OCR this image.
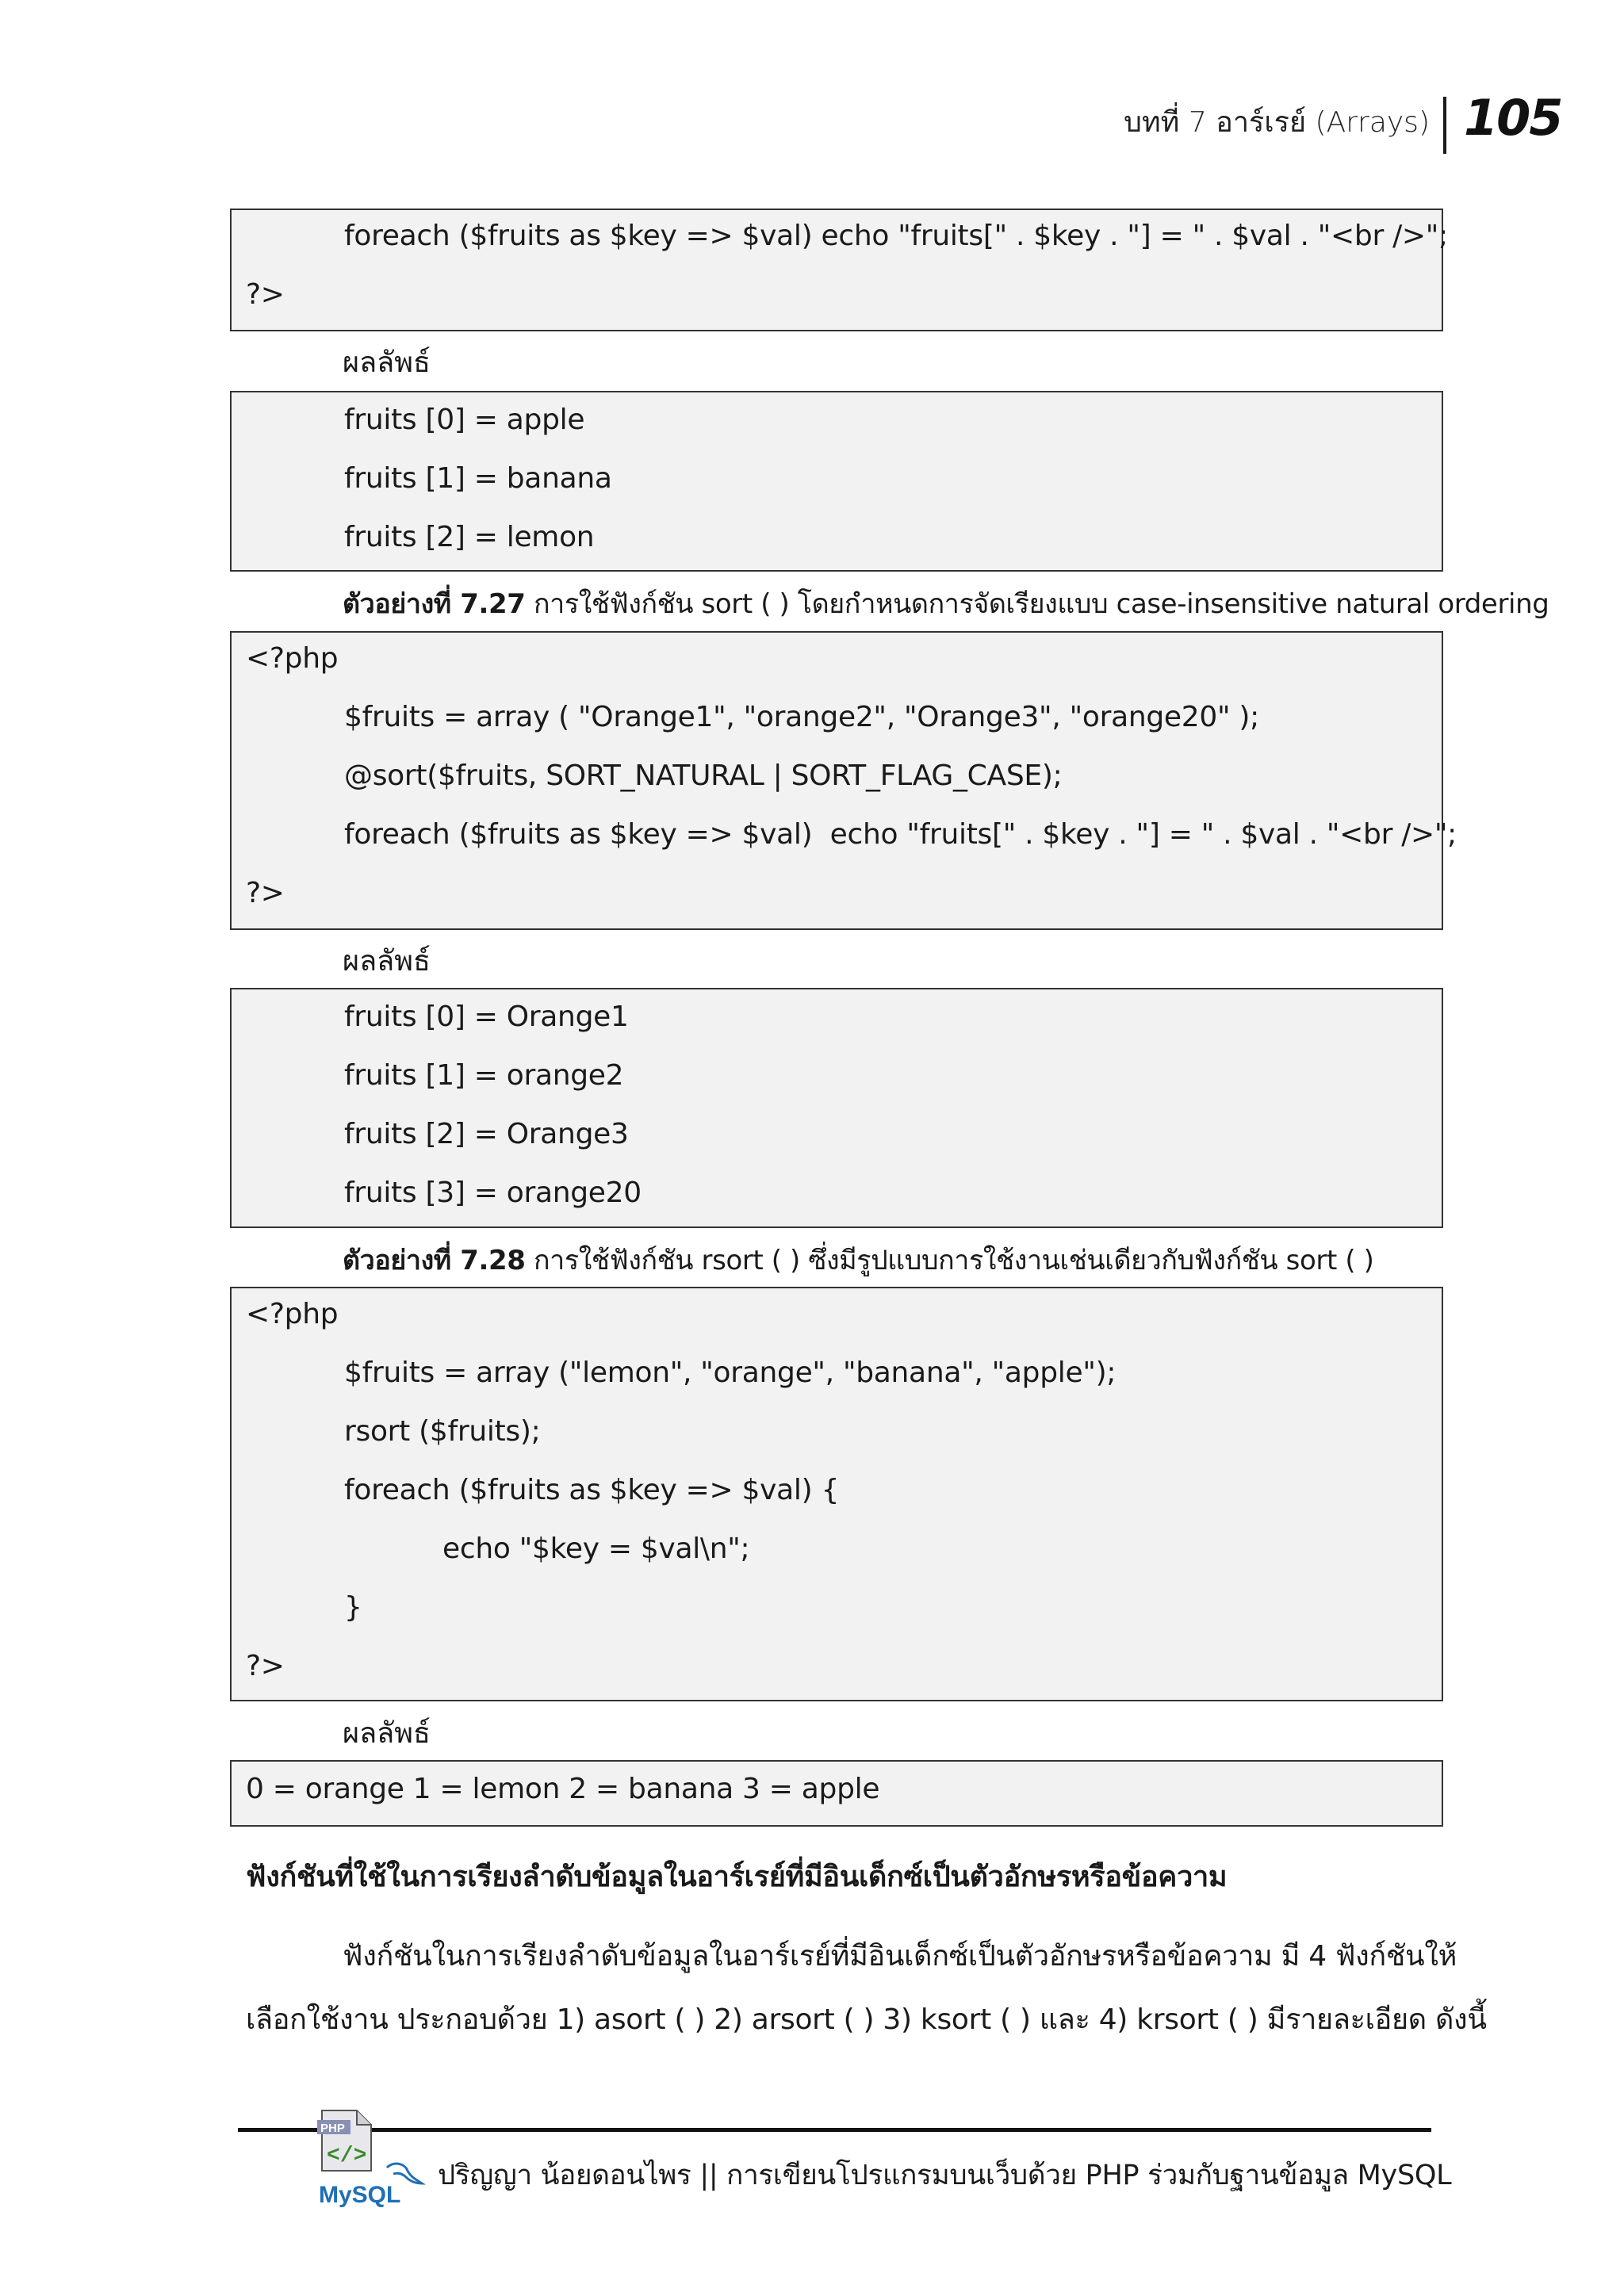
บทที่ 7 อาร์เรย์ (Arrays) 105
foreach ($fruits as $key => $val) echo "fruits[" . $key . "] = " . $val . "<br />";
?>
ผลลัพธ์
fruits [0] = apple
fruits [1] = banana
fruits [2] = lemon
ตัวอย่างที่ 7.27 การใช้ฟังก์ชัน sort ( ) โดยกำหนดการจัดเรียงแบบ case-insensitive natural ordering
<?php
$fruits = array ( "Orange1", "orange2", "Orange3", "orange20" );
@sort($fruits, SORT_NATURAL | SORT_FLAG_CASE);
foreach ($fruits as $key => $val)  echo "fruits[" . $key . "] = " . $val . "<br />";
?>
ผลลัพธ์
fruits [0] = Orange1
fruits [1] = orange2
fruits [2] = Orange3
fruits [3] = orange20
ตัวอย่างที่ 7.28 การใช้ฟังก์ชัน rsort ( ) ซึ่งมีรูปแบบการใช้งานเช่นเดียวกับฟังก์ชัน sort ( )
<?php
$fruits = array ("lemon", "orange", "banana", "apple");
rsort ($fruits);
foreach ($fruits as $key => $val) {
echo "$key = $val\n";
}
?>
ผลลัพธ์
0 = orange 1 = lemon 2 = banana 3 = apple
ฟังก์ชันที่ใช้ในการเรียงลำดับข้อมูลในอาร์เรย์ที่มีอินเด็กซ์เป็นตัวอักษรหรือข้อความ
ฟังก์ชันในการเรียงลำดับข้อมูลในอาร์เรย์ที่มีอินเด็กซ์เป็นตัวอักษรหรือข้อความ มี 4 ฟังก์ชันให้
เลือกใช้งาน ประกอบด้วย 1) asort ( ) 2) arsort ( ) 3) ksort ( ) และ 4) krsort ( ) มีรายละเอียด ดังนี้
PHP
</>
MySQL
ปริญญา น้อยดอนไพร || การเขียนโปรแกรมบนเว็บด้วย PHP ร่วมกับฐานข้อมูล MySQL
